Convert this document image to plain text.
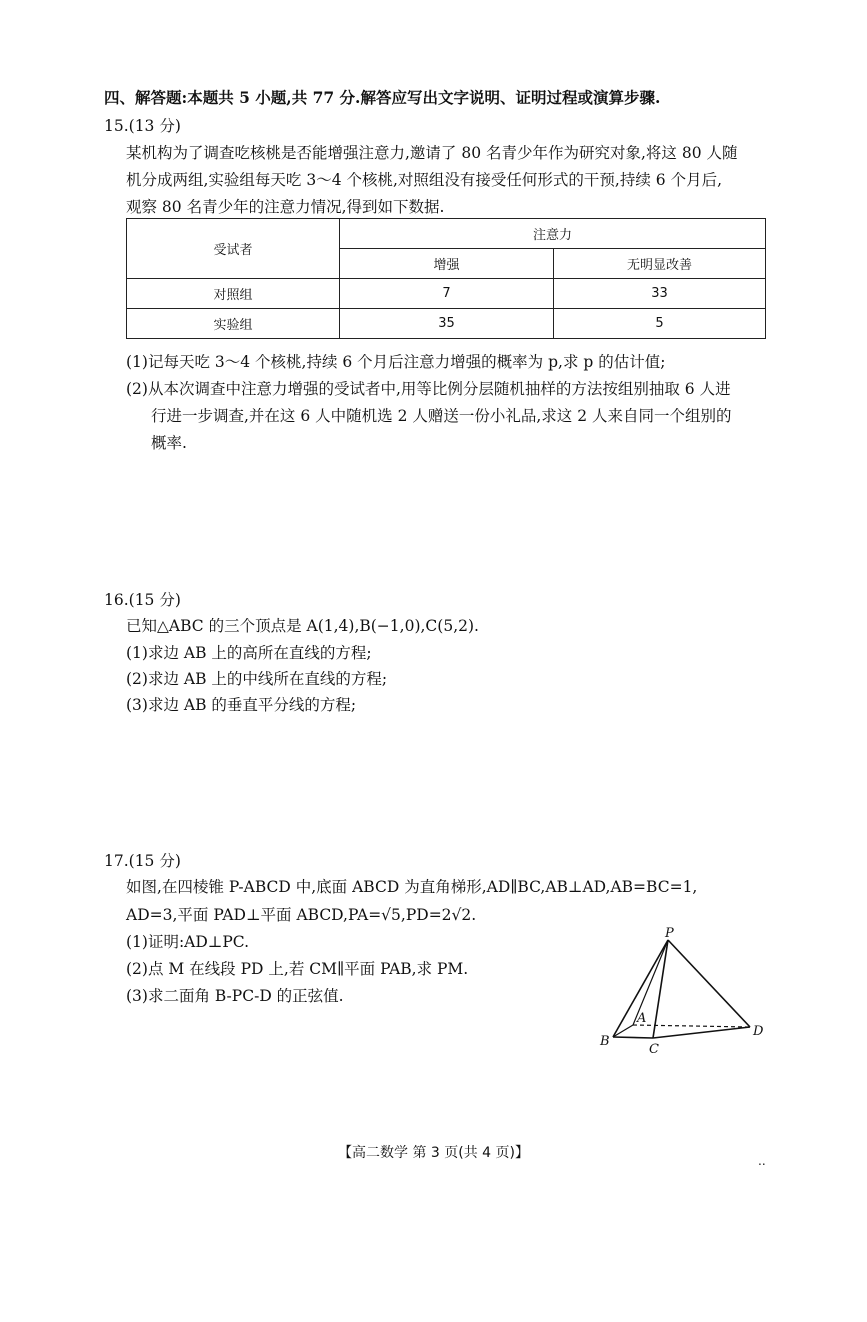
四、解答题:本题共 5 小题,共 77 分.解答应写出文字说明、证明过程或演算步骤.
15.(13 分)
某机构为了调查吃核桃是否能增强注意力,邀请了 80 名青少年作为研究对象,将这 80 人随
机分成两组,实验组每天吃 3～4 个核桃,对照组没有接受任何形式的干预,持续 6 个月后,
观察 80 名青少年的注意力情况,得到如下数据.
受试者	注意力	
	增强	无明显改善
对照组	7	33
实验组	35	5
(1)记每天吃 3～4 个核桃,持续 6 个月后注意力增强的概率为 p,求 p 的估计值;
(2)从本次调查中注意力增强的受试者中,用等比例分层随机抽样的方法按组别抽取 6 人进
行进一步调查,并在这 6 人中随机选 2 人赠送一份小礼品,求这 2 人来自同一个组别的
概率.
16.(15 分)
已知△ABC 的三个顶点是 A(1,4),B(−1,0),C(5,2).
(1)求边 AB 上的高所在直线的方程;
(2)求边 AB 上的中线所在直线的方程;
(3)求边 AB 的垂直平分线的方程;
17.(15 分)
如图,在四棱锥 P-ABCD 中,底面 ABCD 为直角梯形,AD∥BC,AB⊥AD,AB=BC=1,
AD=3,平面 PAD⊥平面 ABCD,PA=√5,PD=2√2.
(1)证明:AD⊥PC.
(2)点 M 在线段 PD 上,若 CM∥平面 PAB,求 PM.
(3)求二面角 B-PC-D 的正弦值.
P
A
B
C
D
【高二数学 第 3 页(共 4 页)】	..
